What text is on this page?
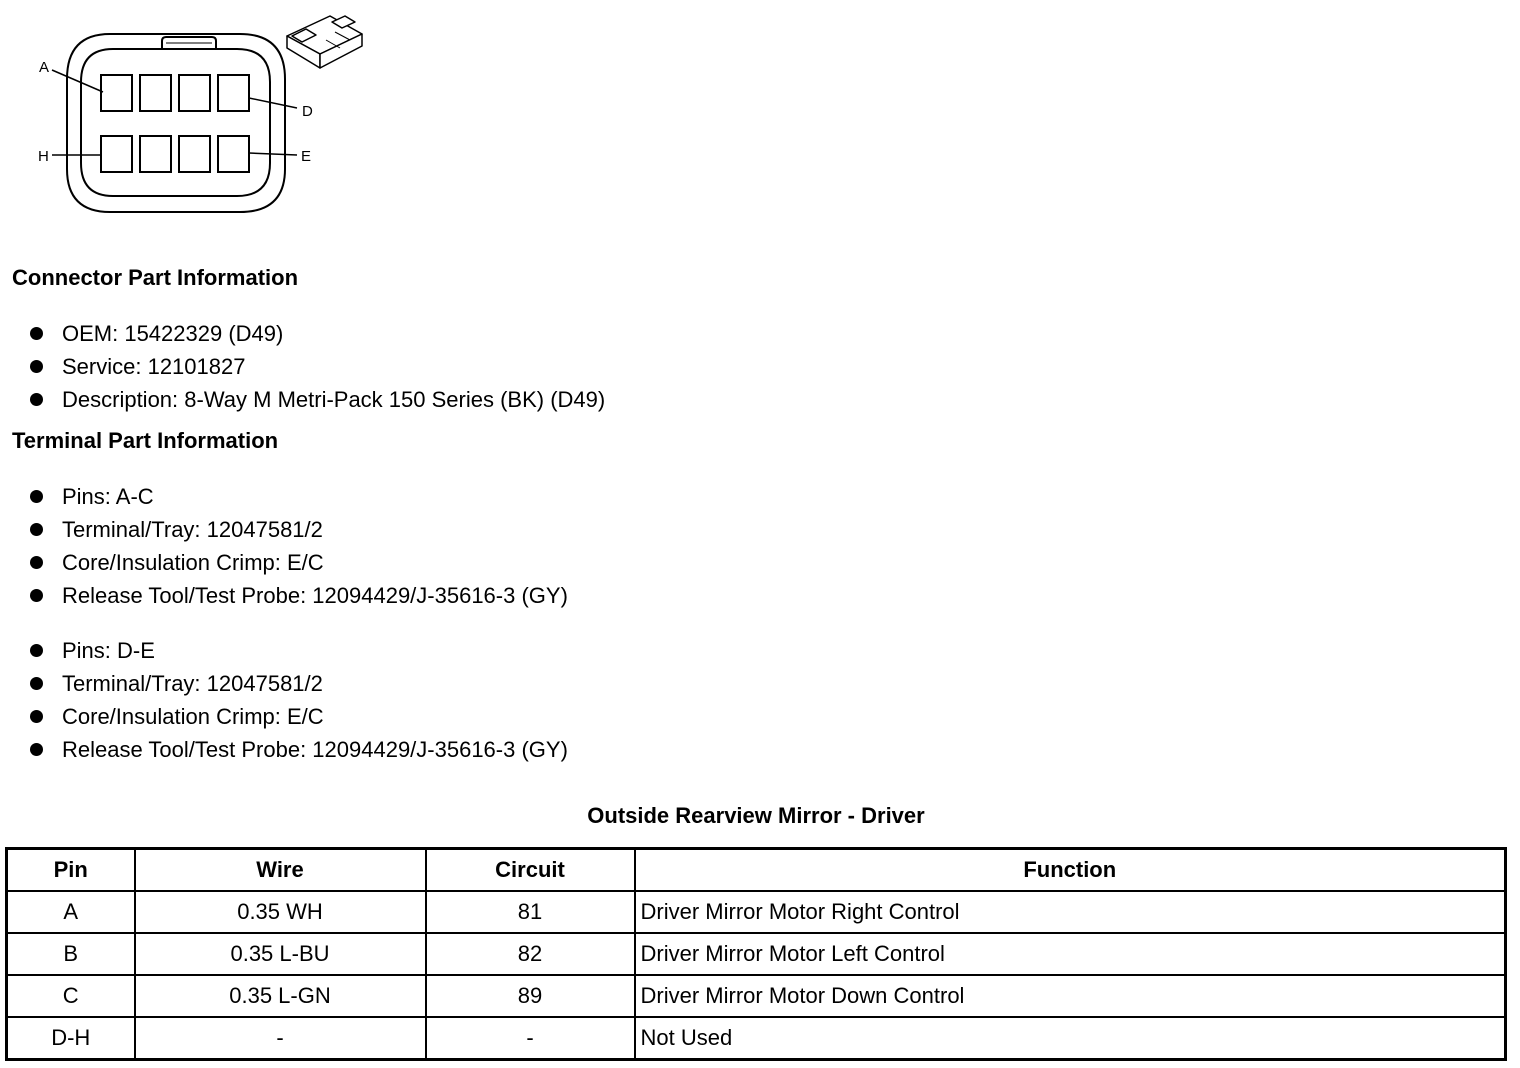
A
D
H	E
Connector Part Information
OEM: 15422329 (D49)
Service: 12101827
Description: 8-Way M Metri-Pack 150 Series (BK) (D49)
Terminal Part Information
Pins: A-C
Terminal/Tray: 12047581/2
Core/Insulation Crimp: E/C
Release Tool/Test Probe: 12094429/J-35616-3 (GY)
Pins: D-E
Terminal/Tray: 12047581/2
Core/Insulation Crimp: E/C
Release Tool/Test Probe: 12094429/J-35616-3 (GY)
Outside Rearview Mirror - Driver
Pin	Wire	Circuit	Function
A	0.35 WH	81	Driver Mirror Motor Right Control
B	0.35 L-BU	82	Driver Mirror Motor Left Control
C	0.35 L-GN	89	Driver Mirror Motor Down Control
D-H	-	-	Not Used
